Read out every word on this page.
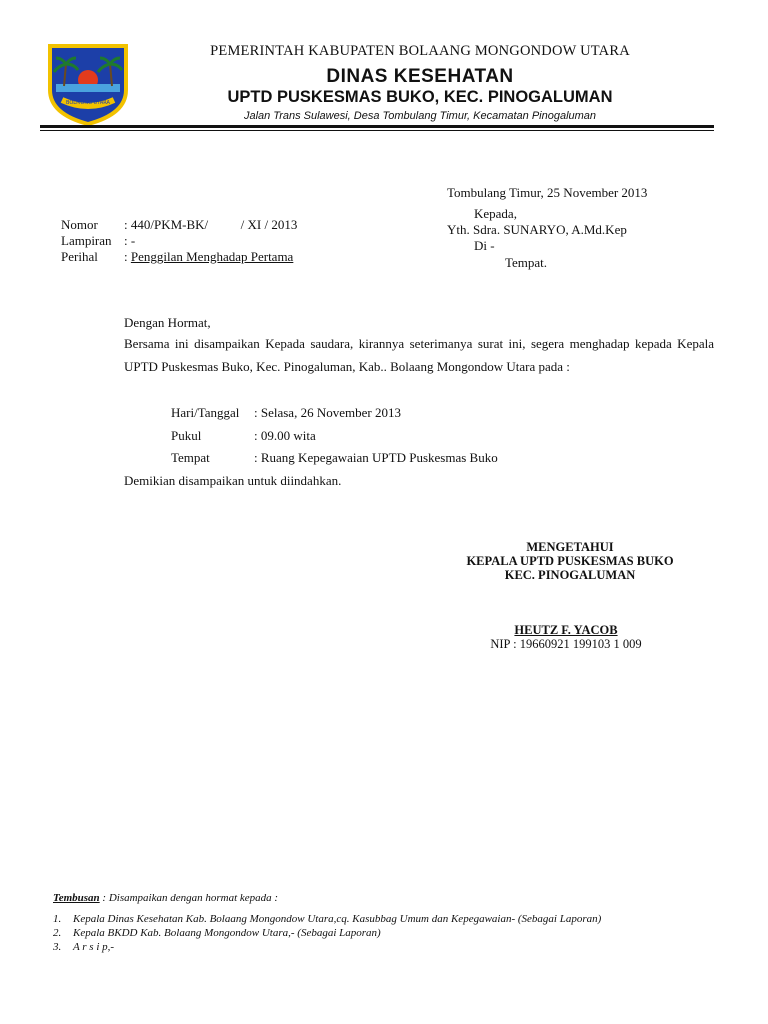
BOLMONG UTARA
PEMERINTAH KABUPATEN BOLAANG MONGONDOW UTARA
DINAS KESEHATAN
UPTD PUSKESMAS BUKO, KEC. PINOGALUMAN
Jalan Trans Sulawesi, Desa Tombulang Timur, Kecamatan Pinogaluman
Tombulang Timur, 25 November 2013
Kepada,
Yth. Sdra. SUNARYO, A.Md.Kep
Di -
Tempat.
Nomor : 440/PKM-BK/          / XI / 2013
Lampiran : -
Perihal : Penggilan Menghadap Pertama
Dengan Hormat,
Bersama ini disampaikan Kepada saudara, kirannya seterimanya surat ini, segera menghadap kepada Kepala UPTD Puskesmas Buko, Kec. Pinogaluman, Kab.. Bolaang Mongondow Utara pada :
Hari/Tanggal : Selasa, 26 November 2013
Pukul	: 09.00 wita
Tempat	: Ruang Kepegawaian UPTD Puskesmas Buko
Demikian disampaikan untuk diindahkan.
MENGETAHUI
KEPALA UPTD PUSKESMAS BUKO
KEC. PINOGALUMAN
HEUTZ F. YACOB
NIP : 19660921 199103 1 009
Tembusan : Disampaikan dengan hormat kepada :
1. Kepala Dinas Kesehatan Kab. Bolaang Mongondow Utara,cq. Kasubbag Umum dan Kepegawaian- (Sebagai Laporan)
2. Kepala BKDD Kab. Bolaang Mongondow Utara,- (Sebagai Laporan)
3. A r s i p,-
